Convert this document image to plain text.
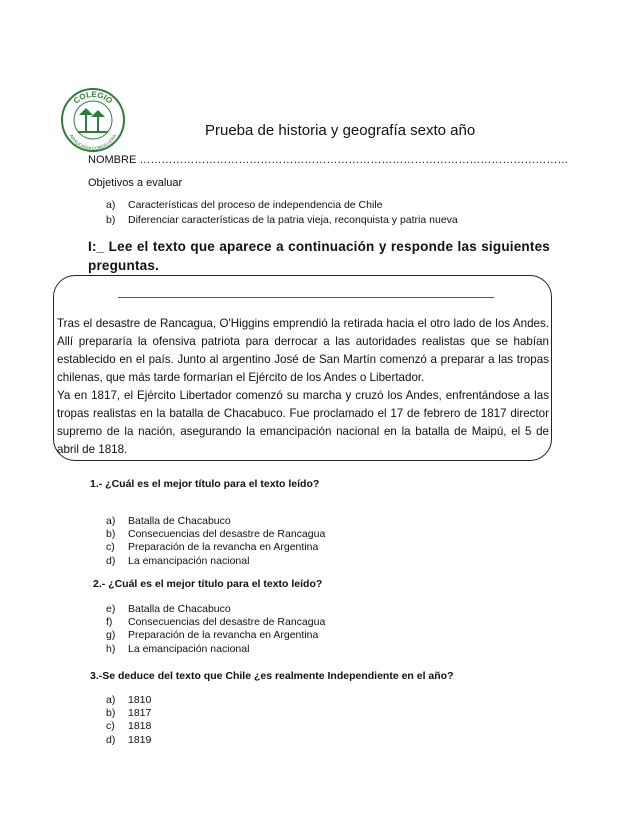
COLEGIO
ARAUCARIA CORDILLERA	Prueba de historia y geografía sexto año
NOMBRE ………………………………………………………………………………………………………
Objetivos a evaluar
a) Características del proceso de independencia de Chile
b) Diferenciar características de la patria vieja, reconquista y patria nueva
I:_ Lee el texto que aparece a continuación y responde las siguientes preguntas.
Tras el desastre de Rancagua, O'Higgins emprendió la retirada hacia el otro lado de los Andes. Allí prepararía la ofensiva patriota para derrocar a las autoridades realistas que se habían establecido en el país. Junto al argentino José de San Martín comenzó a preparar a las tropas chilenas, que más tarde formarían el Ejército de los Andes o Libertador.
Ya en 1817, el Ejército Libertador comenzó su marcha y cruzó los Andes, enfrentándose a las tropas realistas en la batalla de Chacabuco. Fue proclamado el 17 de febrero de 1817 director supremo de la nación, asegurando la emancipación nacional en la batalla de Maipú, el 5 de abril de 1818.
1.- ¿Cuál es el mejor título para el texto leído?
a) Batalla de Chacabuco
b) Consecuencias del desastre de Rancagua
c) Preparación de la revancha en Argentina
d) La emancipación nacional
2.- ¿Cuál es el mejor título para el texto leído?
e) Batalla de Chacabuco
f) Consecuencias del desastre de Rancagua
g) Preparación de la revancha en Argentina
h) La emancipación nacional
3.-Se deduce del texto que Chile ¿es realmente Independiente en el año?
a) 1810
b) 1817
c) 1818
d) 1819
